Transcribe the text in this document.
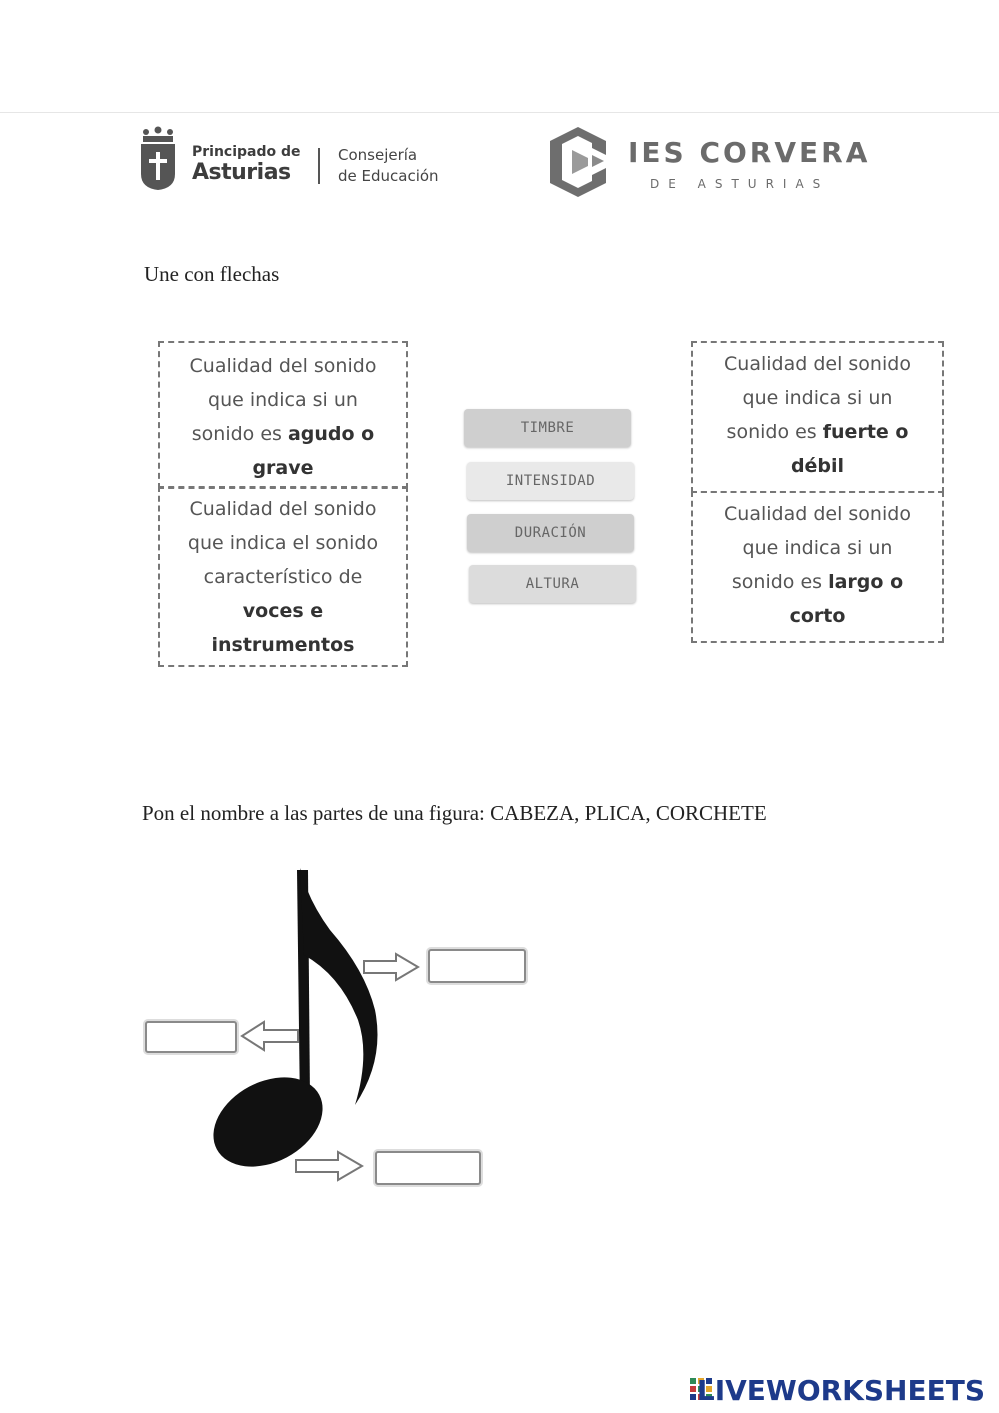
Principado de
Asturias
Consejería
de Educación
IES CORVERA
DE ASTURIAS
Une con flechas
Cualidad del sonido
que indica si un
sonido es agudo o
grave
Cualidad del sonido
que indica el sonido
característico de
voces e
instrumentos
Cualidad del sonido
que indica si un
sonido es fuerte o
débil
Cualidad del sonido
que indica si un
sonido es largo o
corto
TIMBRE
INTENSIDAD
DURACIÓN
ALTURA
Pon el nombre a las partes de una figura: CABEZA, PLICA, CORCHETE
LIVEWORKSHEETS
